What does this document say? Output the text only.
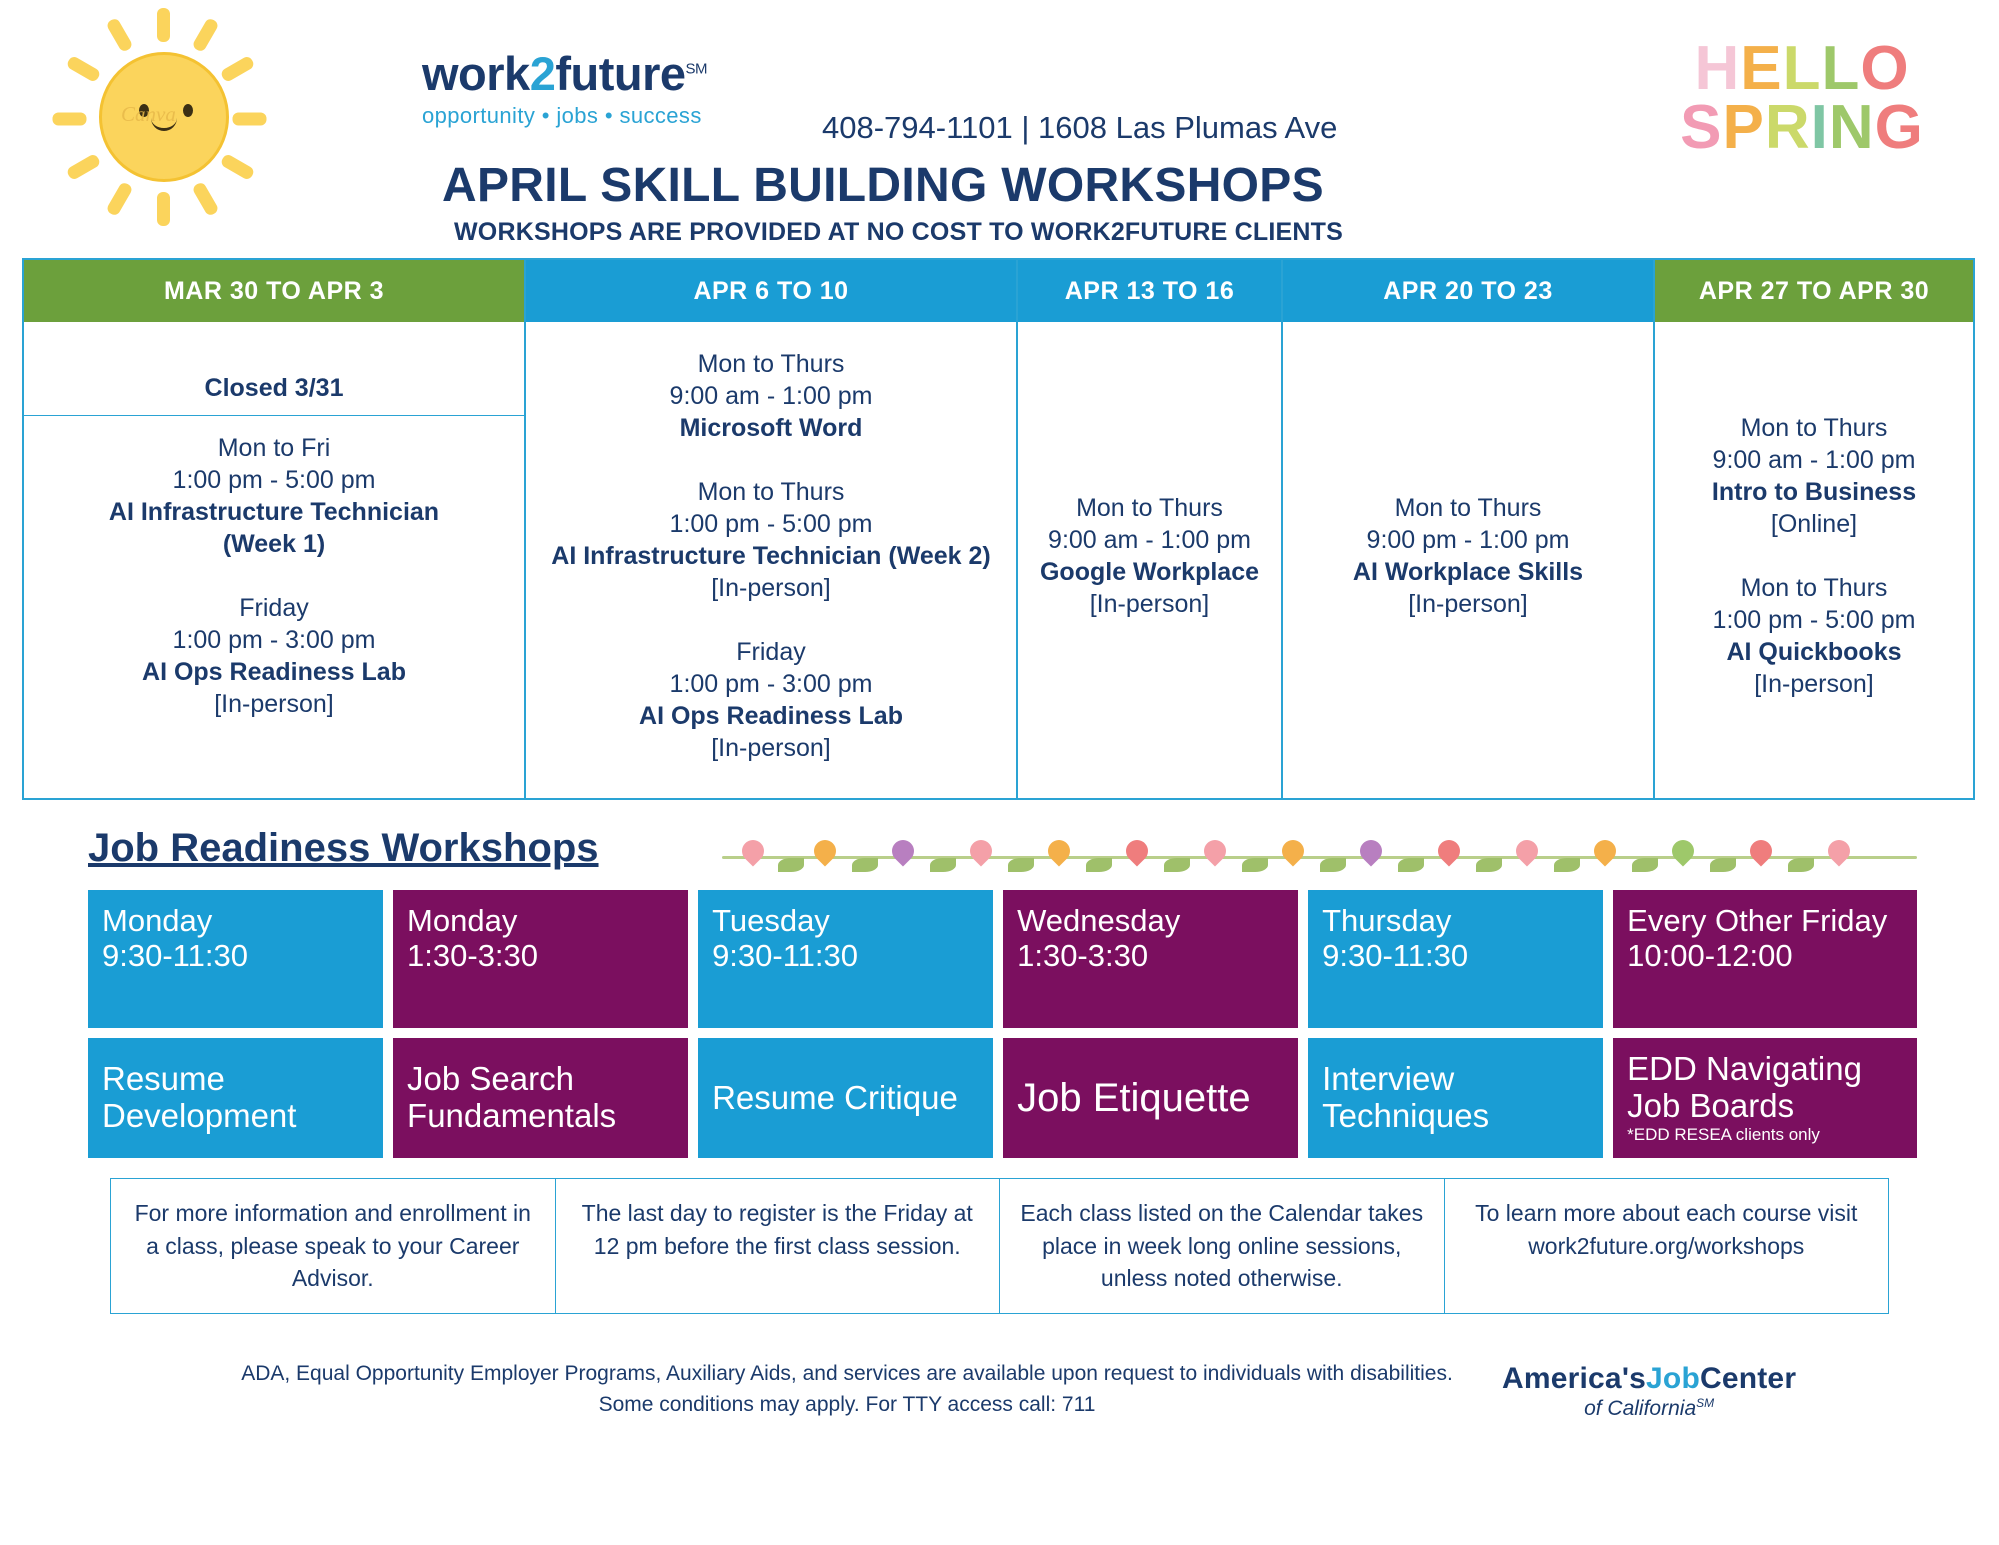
Canva
work2future℠
opportunity • jobs • success	408-794-1101 | 1608 Las Plumas Ave
APRIL SKILL BUILDING WORKSHOPS
WORKSHOPS ARE PROVIDED AT NO COST TO WORK2FUTURE CLIENTS
HELLO
SPRING
MAR 30 TO APR 3
Closed 3/31
Mon to Fri
1:00 pm - 5:00 pm
AI Infrastructure Technician
(Week 1)
Friday
1:00 pm - 3:00 pm
AI Ops Readiness Lab
[In-person]
APR 6 TO 10
Mon to Thurs
9:00 am - 1:00 pm
Microsoft Word
Mon to Thurs
1:00 pm - 5:00 pm
AI Infrastructure Technician (Week 2)
[In-person]
Friday
1:00 pm - 3:00 pm
AI Ops Readiness Lab
[In-person]
APR 13 TO 16
Mon to Thurs
9:00 am - 1:00 pm
Google Workplace
[In-person]
APR 20 TO 23
Mon to Thurs
9:00 pm - 1:00 pm
AI Workplace Skills
[In-person]
APR 27 TO APR 30
Mon to Thurs
9:00 am - 1:00 pm
Intro to Business
[Online]
Mon to Thurs
1:00 pm - 5:00 pm
AI Quickbooks
[In-person]
Job Readiness Workshops
Monday
9:30-11:30
Resume Development
Monday
1:30-3:30
Job Search Fundamentals
Tuesday
9:30-11:30
Resume Critique
Wednesday
1:30-3:30
Job Etiquette
Thursday
9:30-11:30
Interview Techniques
Every Other Friday
10:00-12:00
EDD Navigating Job Boards
*EDD RESEA clients only
For more information and enrollment in a class, please speak to your Career Advisor.
The last day to register is the Friday at 12 pm before the first class session.
Each class listed on the Calendar takes place in week long online sessions, unless noted otherwise.
To learn more about each course visit work2future.org/workshops
ADA, Equal Opportunity Employer Programs, Auxiliary Aids, and services are available upon request to individuals with disabilities. Some conditions may apply. For TTY access call: 711
America'sJobCenter
of California℠
